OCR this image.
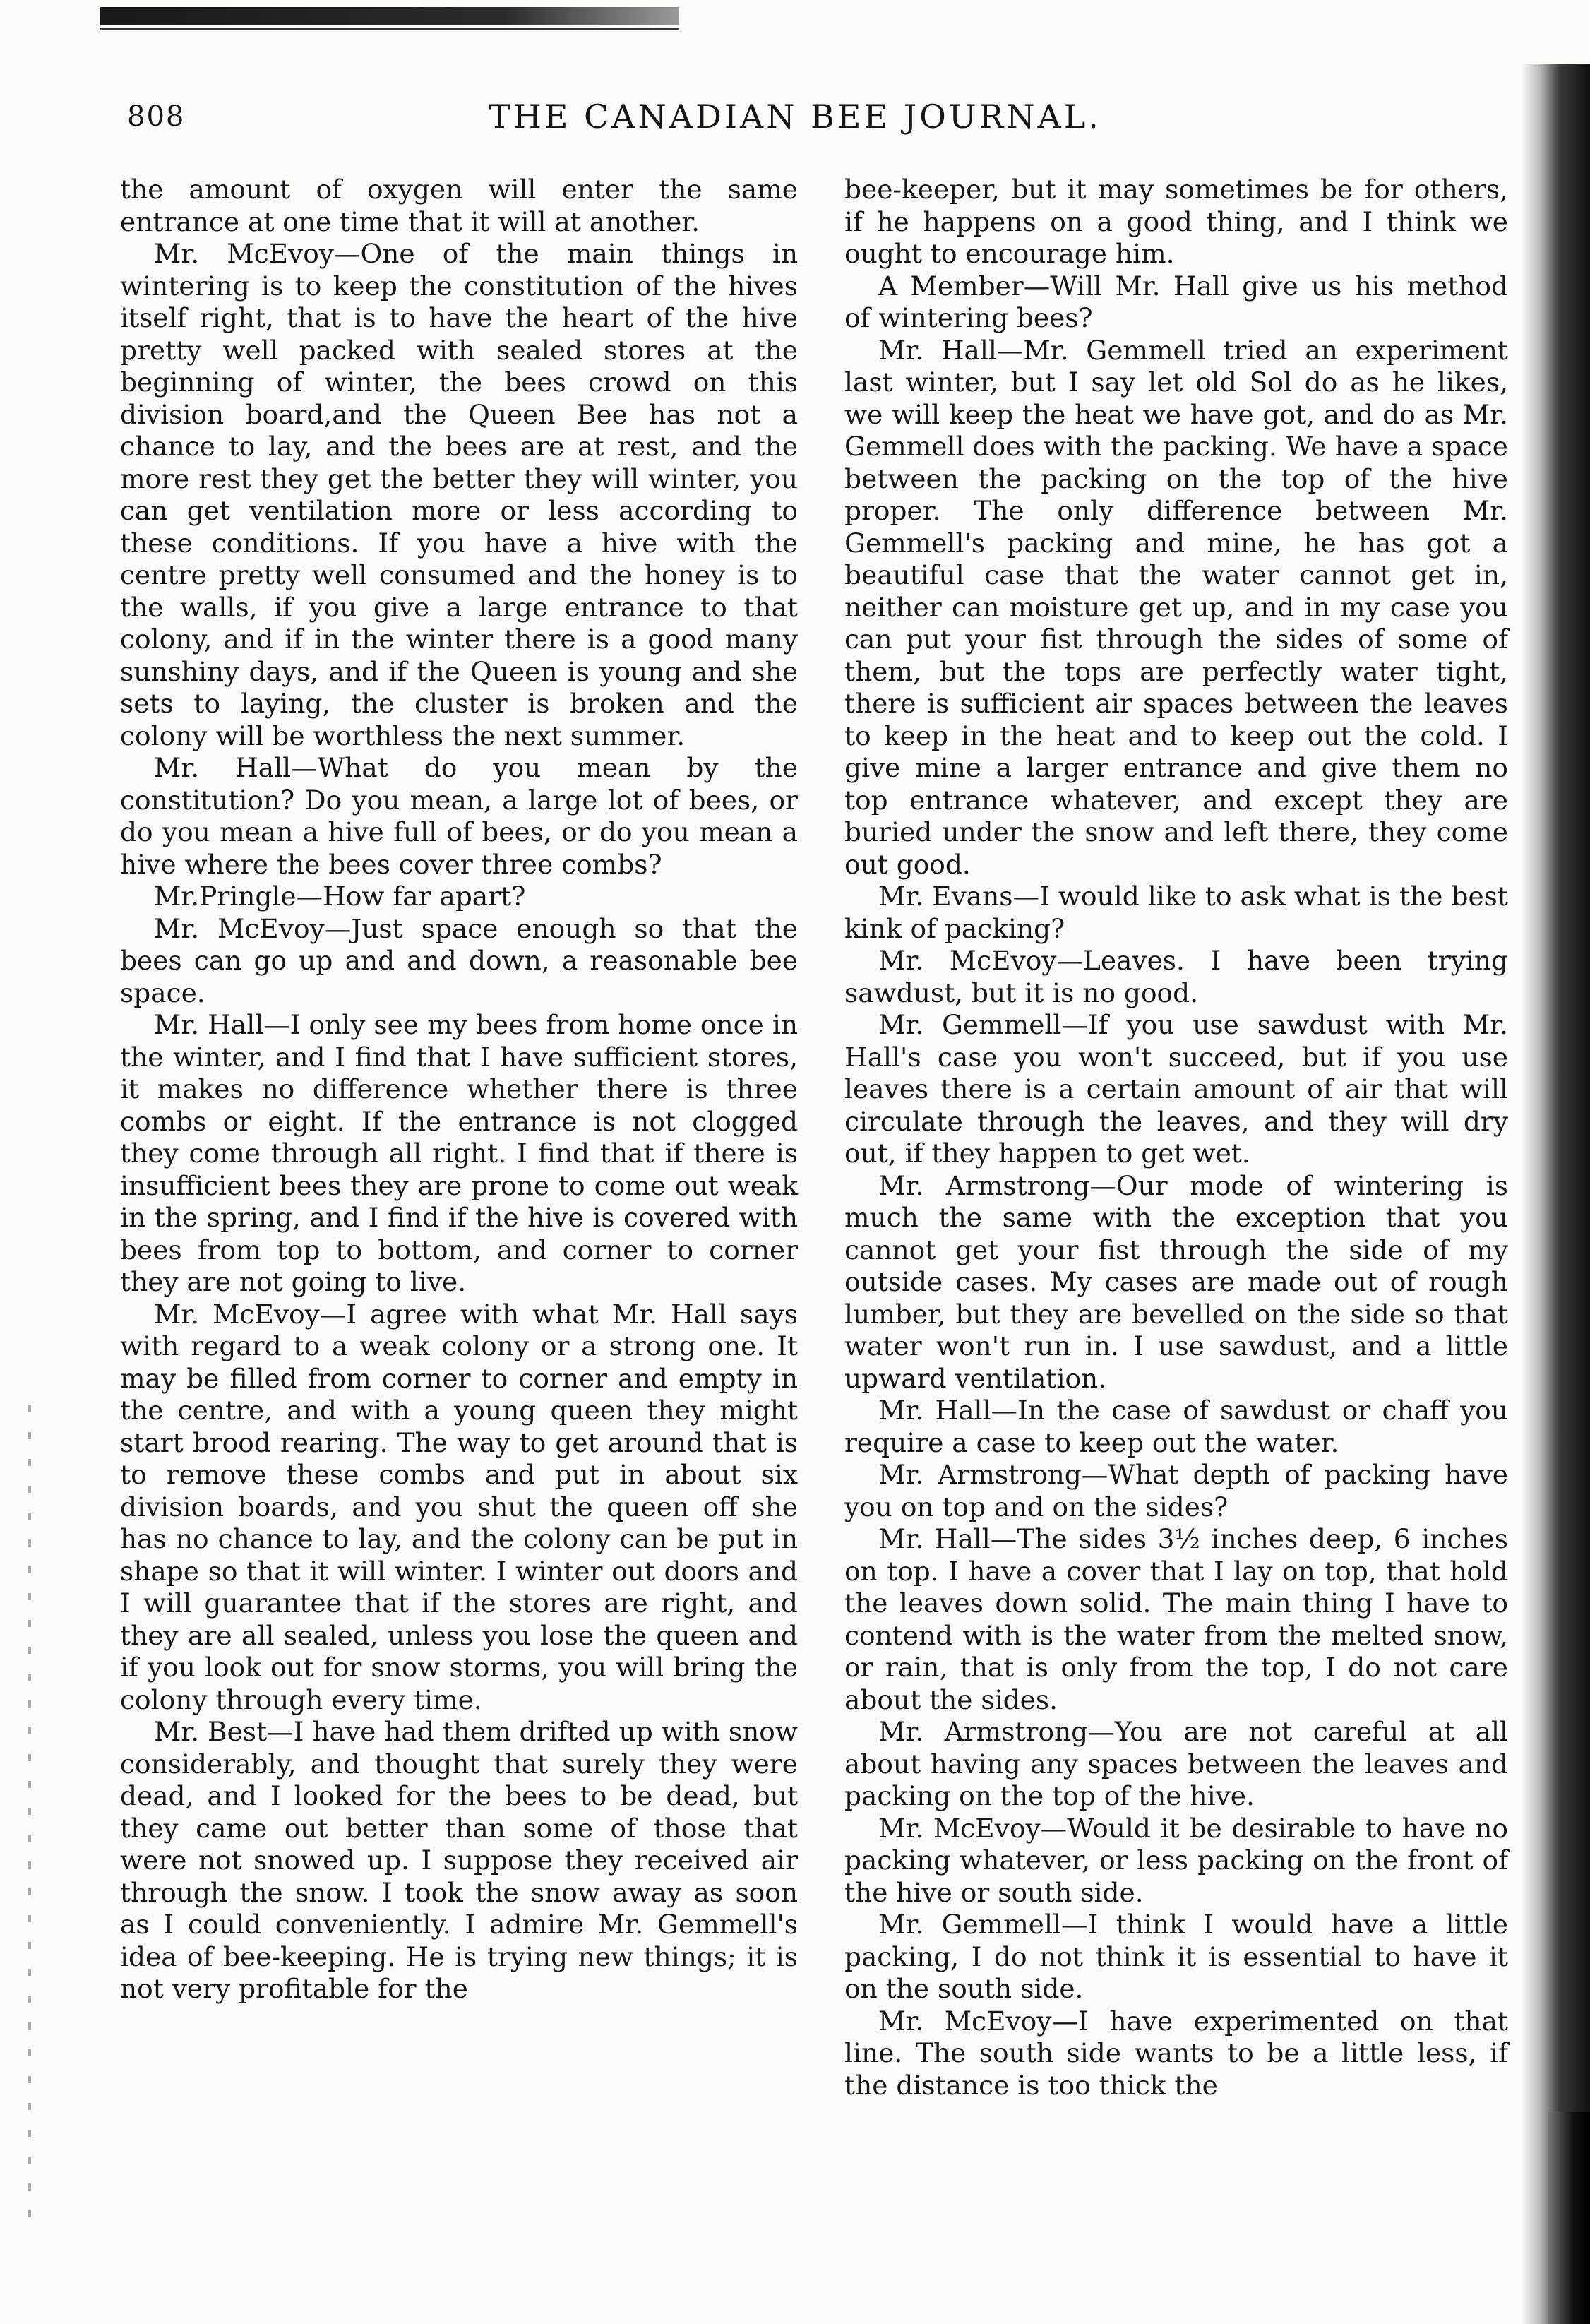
808	THE CANADIAN BEE JOURNAL.

the amount of oxygen will enter the same entrance at one time that it will at another.

Mr. McEvoy—One of the main things in wintering is to keep the constitution of the hives itself right, that is to have the heart of the hive pretty well packed with sealed stores at the beginning of winter, the bees crowd on this division board,and the Queen Bee has not a chance to lay, and the bees are at rest, and the more rest they get the better they will winter, you can get ventilation more or less according to these conditions. If you have a hive with the centre pretty well consumed and the honey is to the walls, if you give a large entrance to that colony, and if in the winter there is a good many sunshiny days, and if the Queen is young and she sets to laying, the cluster is broken and the colony will be worthless the next summer.

Mr. Hall—What do you mean by the constitution? Do you mean, a large lot of bees, or do you mean a hive full of bees, or do you mean a hive where the bees cover three combs?

Mr.Pringle—How far apart?

Mr. McEvoy—Just space enough so that the bees can go up and and down, a reasonable bee space.

Mr. Hall—I only see my bees from home once in the winter, and I find that I have sufficient stores, it makes no difference whether there is three combs or eight. If the entrance is not clogged they come through all right. I find that if there is insufficient bees they are prone to come out weak in the spring, and I find if the hive is covered with bees from top to bottom, and corner to corner they are not going to live.

Mr. McEvoy—I agree with what Mr. Hall says with regard to a weak colony or a strong one. It may be filled from corner to corner and empty in the centre, and with a young queen they might start brood rearing. The way to get around that is to remove these combs and put in about six division boards, and you shut the queen off she has no chance to lay, and the colony can be put in shape so that it will winter. I winter out doors and I will guarantee that if the stores are right, and they are all sealed, unless you lose the queen and if you look out for snow storms, you will bring the colony through every time.

Mr. Best—I have had them drifted up with snow considerably, and thought that surely they were dead, and I looked for the bees to be dead, but they came out better than some of those that were not snowed up. I suppose they received air through the snow. I took the snow away as soon as I could conveniently. I admire Mr. Gemmell's idea of bee-keeping. He is trying new things; it is not very profitable for the

bee-keeper, but it may sometimes be for others, if he happens on a good thing, and I think we ought to encourage him.

A Member—Will Mr. Hall give us his method of wintering bees?

Mr. Hall—Mr. Gemmell tried an experiment last winter, but I say let old Sol do as he likes, we will keep the heat we have got, and do as Mr. Gemmell does with the packing. We have a space between the packing on the top of the hive proper. The only difference between Mr. Gemmell's packing and mine, he has got a beautiful case that the water cannot get in, neither can moisture get up, and in my case you can put your fist through the sides of some of them, but the tops are perfectly water tight, there is sufficient air spaces between the leaves to keep in the heat and to keep out the cold. I give mine a larger entrance and give them no top entrance whatever, and except they are buried under the snow and left there, they come out good.

Mr. Evans—I would like to ask what is the best kink of packing?

Mr. McEvoy—Leaves. I have been trying sawdust, but it is no good.

Mr. Gemmell—If you use sawdust with Mr. Hall's case you won't succeed, but if you use leaves there is a certain amount of air that will circulate through the leaves, and they will dry out, if they happen to get wet.

Mr. Armstrong—Our mode of wintering is much the same with the exception that you cannot get your fist through the side of my outside cases. My cases are made out of rough lumber, but they are bevelled on the side so that water won't run in. I use sawdust, and a little upward ventilation.

Mr. Hall—In the case of sawdust or chaff you require a case to keep out the water.

Mr. Armstrong—What depth of packing have you on top and on the sides?

Mr. Hall—The sides 3½ inches deep, 6 inches on top. I have a cover that I lay on top, that hold the leaves down solid. The main thing I have to contend with is the water from the melted snow, or rain, that is only from the top, I do not care about the sides.

Mr. Armstrong—You are not careful at all about having any spaces between the leaves and packing on the top of the hive.

Mr. McEvoy—Would it be desirable to have no packing whatever, or less packing on the front of the hive or south side.

Mr. Gemmell—I think I would have a little packing, I do not think it is essential to have it on the south side.

Mr. McEvoy—I have experimented on that line. The south side wants to be a little less, if the distance is too thick the
